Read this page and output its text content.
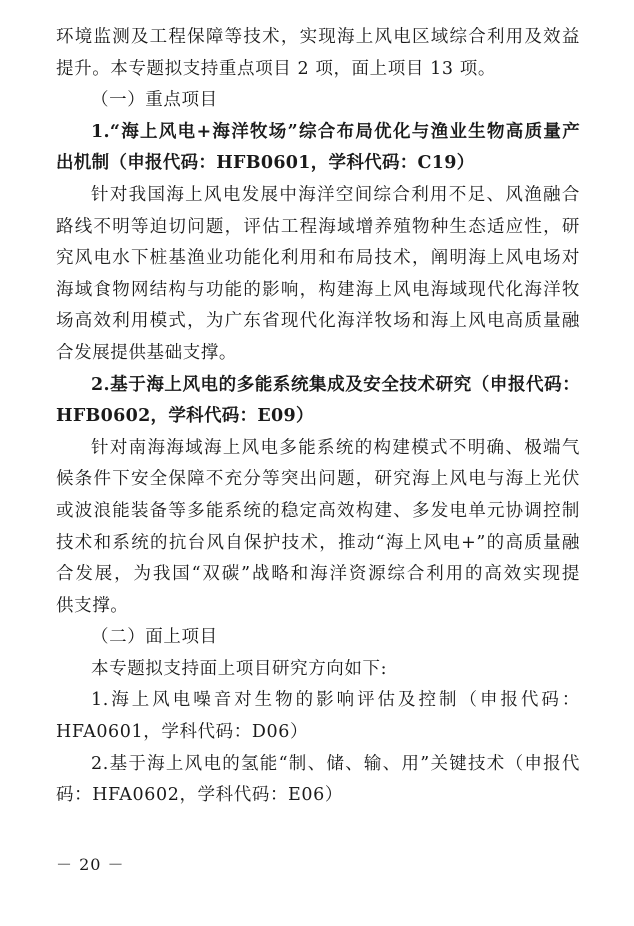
环境监测及工程保障等技术，实现海上风电区域综合利用及效益
提升。本专题拟支持重点项目 2 项，面上项目 13 项。
（一）重点项目
1.“海上风电+海洋牧场”综合布局优化与渔业生物高质量产
出机制（申报代码：HFB0601，学科代码：C19）
针对我国海上风电发展中海洋空间综合利用不足、风渔融合
路线不明等迫切问题，评估工程海域增养殖物种生态适应性，研
究风电水下桩基渔业功能化利用和布局技术，阐明海上风电场对
海域食物网结构与功能的影响，构建海上风电海域现代化海洋牧
场高效利用模式，为广东省现代化海洋牧场和海上风电高质量融
合发展提供基础支撑。
2.基于海上风电的多能系统集成及安全技术研究（申报代码：
HFB0602，学科代码：E09）
针对南海海域海上风电多能系统的构建模式不明确、极端气
候条件下安全保障不充分等突出问题，研究海上风电与海上光伏
或波浪能装备等多能系统的稳定高效构建、多发电单元协调控制
技术和系统的抗台风自保护技术，推动“海上风电+”的高质量融
合发展，为我国“双碳”战略和海洋资源综合利用的高效实现提
供支撑。
（二）面上项目
本专题拟支持面上项目研究方向如下:
1.海上风电噪音对生物的影响评估及控制（申报代码：
HFA0601，学科代码：D06）
2.基于海上风电的氢能“制、储、输、用”关键技术（申报代
码：HFA0602，学科代码：E06）
－ 20 －
